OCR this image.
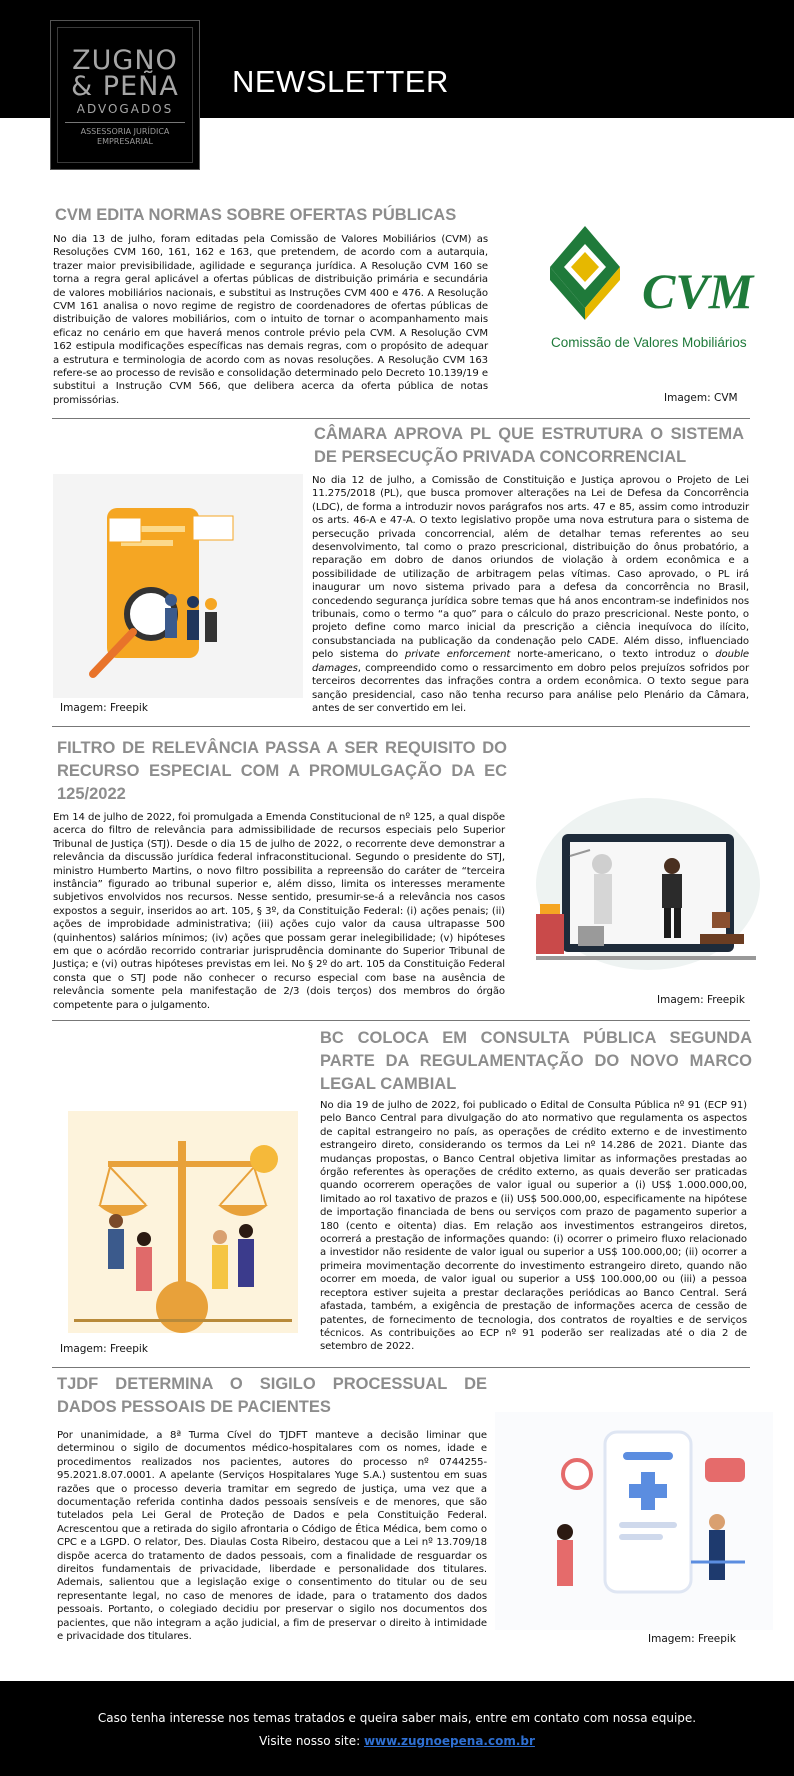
ZUGNO
& PEÑA
ADVOGADOS
ASSESSORIA JURÍDICA
EMPRESARIAL
NEWSLETTER
CVM EDITA NORMAS SOBRE OFERTAS PÚBLICAS
No dia 13 de julho, foram editadas pela Comissão de Valores Mobiliários (CVM) as Resoluções CVM 160, 161, 162 e 163, que pretendem, de acordo com a autarquia, trazer maior previsibilidade, agilidade e segurança jurídica. A Resolução CVM 160 se torna a regra geral aplicável a ofertas públicas de distribuição primária e secundária de valores mobiliários nacionais, e substitui as Instruções CVM 400 e 476. A Resolução CVM 161 analisa o novo regime de registro de coordenadores de ofertas públicas de distribuição de valores mobiliários, com o intuito de tornar o acompanhamento mais eficaz no cenário em que haverá menos controle prévio pela CVM. A Resolução CVM 162 estipula modificações específicas nas demais regras, com o propósito de adequar a estrutura e terminologia de acordo com as novas resoluções. A Resolução CVM 163 refere-se ao processo de revisão e consolidação determinado pelo Decreto 10.139/19 e substitui a Instrução CVM 566, que delibera acerca da oferta pública de notas promissórias.
CVM
Comissão de Valores Mobiliários
Imagem: CVM
CÂMARA APROVA PL QUE ESTRUTURA O SISTEMA DE PERSECUÇÃO PRIVADA CONCORRENCIAL
No dia 12 de julho, a Comissão de Constituição e Justiça aprovou o Projeto de Lei 11.275/2018 (PL), que busca promover alterações na Lei de Defesa da Concorrência (LDC), de forma a introduzir novos parágrafos nos arts. 47 e 85, assim como introduzir os arts. 46-A e 47-A. O texto legislativo propõe uma nova estrutura para o sistema de persecução privada concorrencial, além de detalhar temas referentes ao seu desenvolvimento, tal como o prazo prescricional, distribuição do ônus probatório, a reparação em dobro de danos oriundos de violação à ordem econômica e a possibilidade de utilização de arbitragem pelas vítimas. Caso aprovado, o PL irá inaugurar um novo sistema privado para a defesa da concorrência no Brasil, concedendo segurança jurídica sobre temas que há anos encontram-se indefinidos nos tribunais, como o termo “a quo” para o cálculo do prazo prescricional. Neste ponto, o projeto define como marco inicial da prescrição a ciência inequívoca do ilícito, consubstanciada na publicação da condenação pelo CADE. Além disso, influenciado pelo sistema do private enforcement norte-americano, o texto introduz o double damages, compreendido como o ressarcimento em dobro pelos prejuízos sofridos por terceiros decorrentes das infrações contra a ordem econômica. O texto segue para sanção presidencial, caso não tenha recurso para análise pelo Plenário da Câmara, antes de ser convertido em lei.
Imagem: Freepik
FILTRO DE RELEVÂNCIA PASSA A SER REQUISITO DO RECURSO ESPECIAL COM A PROMULGAÇÃO DA EC 125/2022
Em 14 de julho de 2022, foi promulgada a Emenda Constitucional de nº 125, a qual dispõe acerca do filtro de relevância para admissibilidade de recursos especiais pelo Superior Tribunal de Justiça (STJ). Desde o dia 15 de julho de 2022, o recorrente deve demonstrar a relevância da discussão jurídica federal infraconstitucional. Segundo o presidente do STJ, ministro Humberto Martins, o novo filtro possibilita a repreensão do caráter de “terceira instância” figurado ao tribunal superior e, além disso, limita os interesses meramente subjetivos envolvidos nos recursos. Nesse sentido, presumir-se-á a relevância nos casos expostos a seguir, inseridos ao art. 105, § 3º, da Constituição Federal: (i) ações penais; (ii) ações de improbidade administrativa; (iii) ações cujo valor da causa ultrapasse 500 (quinhentos) salários mínimos; (iv) ações que possam gerar inelegibilidade; (v) hipóteses em que o acórdão recorrido contrariar jurisprudência dominante do Superior Tribunal de Justiça; e (vi) outras hipóteses previstas em lei. No § 2º do art. 105 da Constituição Federal consta que o STJ pode não conhecer o recurso especial com base na ausência de relevância somente pela manifestação de 2/3 (dois terços) dos membros do órgão competente para o julgamento.	Imagem: Freepik
BC COLOCA EM CONSULTA PÚBLICA SEGUNDA PARTE DA REGULAMENTAÇÃO DO NOVO MARCO LEGAL CAMBIAL
No dia 19 de julho de 2022, foi publicado o Edital de Consulta Pública nº 91 (ECP 91) pelo Banco Central para divulgação do ato normativo que regulamenta os aspectos de capital estrangeiro no país, as operações de crédito externo e de investimento estrangeiro direto, considerando os termos da Lei nº 14.286 de 2021. Diante das mudanças propostas, o Banco Central objetiva limitar as informações prestadas ao órgão referentes às operações de crédito externo, as quais deverão ser praticadas quando ocorrerem operações de valor igual ou superior a (i) US$ 1.000.000,00, limitado ao rol taxativo de prazos e (ii) US$ 500.000,00, especificamente na hipótese de importação financiada de bens ou serviços com prazo de pagamento superior a 180 (cento e oitenta) dias. Em relação aos investimentos estrangeiros diretos, ocorrerá a prestação de informações quando: (i) ocorrer o primeiro fluxo relacionado a investidor não residente de valor igual ou superior a US$ 100.000,00; (ii) ocorrer a primeira movimentação decorrente do investimento estrangeiro direto, quando não ocorrer em moeda, de valor igual ou superior a US$ 100.000,00 ou (iii) a pessoa receptora estiver sujeita a prestar declarações periódicas ao Banco Central. Será afastada, também, a exigência de prestação de informações acerca de cessão de patentes, de fornecimento de tecnologia, dos contratos de royalties e de serviços técnicos. As contribuições ao ECP nº 91 poderão ser realizadas até o dia 2 de setembro de 2022.
Imagem: Freepik
TJDF DETERMINA O SIGILO PROCESSUAL DE DADOS PESSOAIS DE PACIENTES
Por unanimidade, a 8ª Turma Cível do TJDFT manteve a decisão liminar que determinou o sigilo de documentos médico-hospitalares com os nomes, idade e procedimentos realizados nos pacientes, autores do processo nº 0744255-95.2021.8.07.0001. A apelante (Serviços Hospitalares Yuge S.A.) sustentou em suas razões que o processo deveria tramitar em segredo de justiça, uma vez que a documentação referida continha dados pessoais sensíveis e de menores, que são tutelados pela Lei Geral de Proteção de Dados e pela Constituição Federal. Acrescentou que a retirada do sigilo afrontaria o Código de Ética Médica, bem como o CPC e a LGPD. O relator, Des. Diaulas Costa Ribeiro, destacou que a Lei nº 13.709/18 dispõe acerca do tratamento de dados pessoais, com a finalidade de resguardar os direitos fundamentais de privacidade, liberdade e personalidade dos titulares. Ademais, salientou que a legislação exige o consentimento do titular ou de seu representante legal, no caso de menores de idade, para o tratamento dos dados pessoais. Portanto, o colegiado decidiu por preservar o sigilo nos documentos dos pacientes, que não integram a ação judicial, a fim de preservar o direito à intimidade e privacidade dos titulares.	Imagem: Freepik
Caso tenha interesse nos temas tratados e queira saber mais, entre em contato com nossa equipe.
Visite nosso site: www.zugnoepena.com.br
